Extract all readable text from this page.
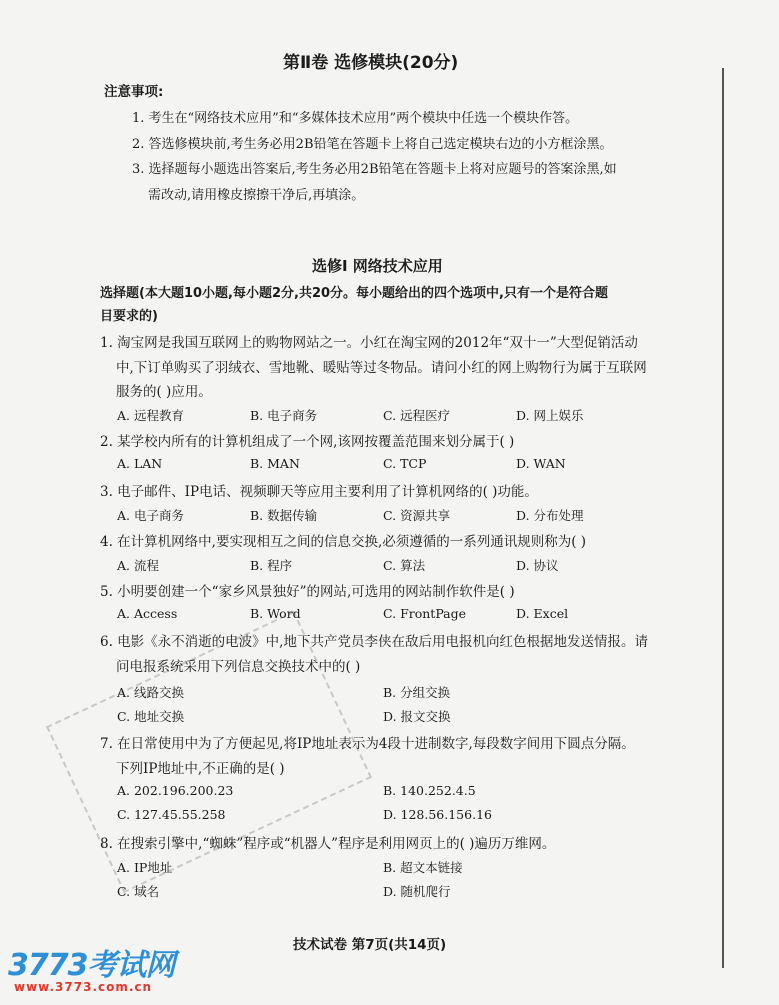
第Ⅱ卷 选修模块(20分)
注意事项:
1. 考生在“网络技术应用”和“多媒体技术应用”两个模块中任选一个模块作答。
2. 答选修模块前,考生务必用2B铅笔在答题卡上将自己选定模块右边的小方框涂黑。
3. 选择题每小题选出答案后,考生务必用2B铅笔在答题卡上将对应题号的答案涂黑,如
需改动,请用橡皮擦擦干净后,再填涂。
选修Ⅰ 网络技术应用
选择题(本大题10小题,每小题2分,共20分。每小题给出的四个选项中,只有一个是符合题
目要求的)
1. 淘宝网是我国互联网上的购物网站之一。小红在淘宝网的2012年“双十一”大型促销活动
中,下订单购买了羽绒衣、雪地靴、暖贴等过冬物品。请问小红的网上购物行为属于互联网
服务的( )应用。
A. 远程教育	B. 电子商务	C. 远程医疗	D. 网上娱乐
2. 某学校内所有的计算机组成了一个网,该网按覆盖范围来划分属于( )
A. LAN	B. MAN	C. TCP	D. WAN
3. 电子邮件、IP电话、视频聊天等应用主要利用了计算机网络的( )功能。
A. 电子商务	B. 数据传输	C. 资源共享	D. 分布处理
4. 在计算机网络中,要实现相互之间的信息交换,必须遵循的一系列通讯规则称为( )
A. 流程	B. 程序	C. 算法	D. 协议
5. 小明要创建一个“家乡风景独好”的网站,可选用的网站制作软件是( )
A. Access	B. Word	C. FrontPage	D. Excel
6. 电影《永不消逝的电波》中,地下共产党员李侠在敌后用电报机向红色根据地发送情报。请
问电报系统采用下列信息交换技术中的( )
A. 线路交换	B. 分组交换
C. 地址交换	D. 报文交换
7. 在日常使用中为了方便起见,将IP地址表示为4段十进制数字,每段数字间用下圆点分隔。
下列IP地址中,不正确的是( )
A. 202.196.200.23	B. 140.252.4.5
C. 127.45.55.258	D. 128.56.156.16
8. 在搜索引擎中,“蜘蛛”程序或“机器人”程序是利用网页上的( )遍历万维网。
A. IP地址	B. 超文本链接
C. 域名	D. 随机爬行
技术试卷 第7页(共14页)
3773考试网
www.3773.com.cn
